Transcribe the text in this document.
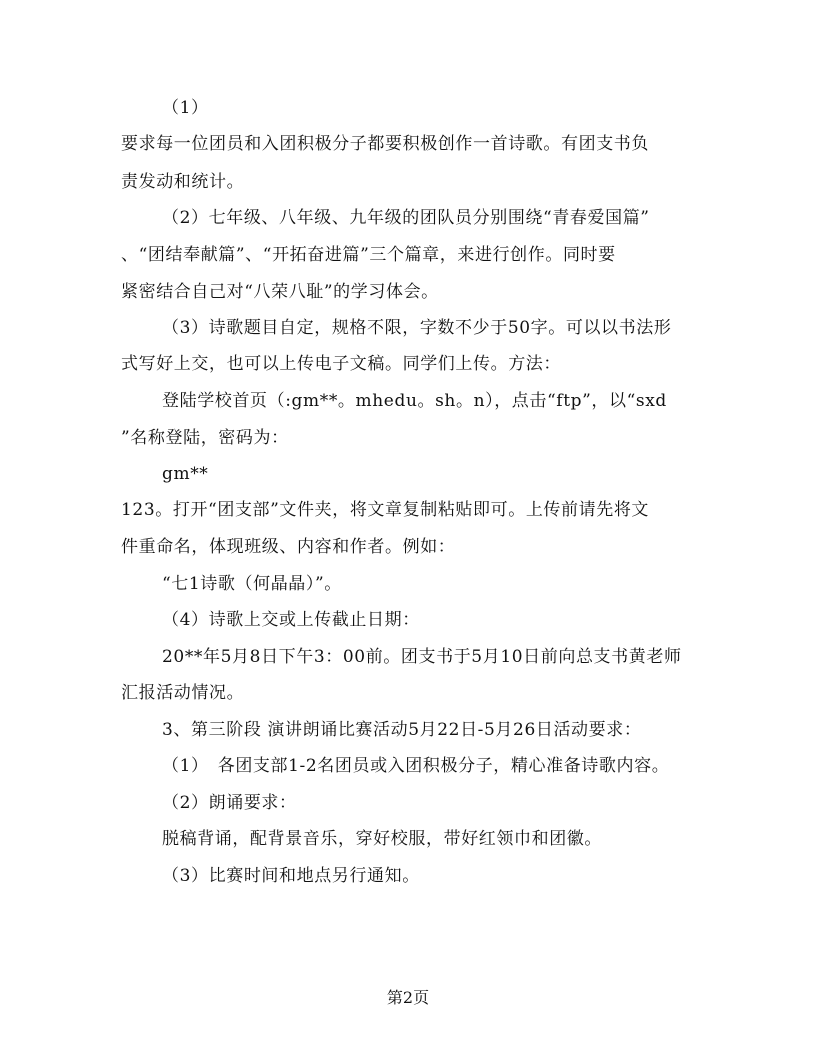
（1）
要求每一位团员和入团积极分子都要积极创作一首诗歌。有团支书负
责发动和统计。
（2）七年级、八年级、九年级的团队员分别围绕“青春爱国篇”
、“团结奉献篇”、“开拓奋进篇”三个篇章，来进行创作。同时要
紧密结合自己对“八荣八耻”的学习体会。
（3）诗歌题目自定，规格不限，字数不少于50字。可以以书法形
式写好上交，也可以上传电子文稿。同学们上传。方法：
登陆学校首页（:gm**。mhedu。sh。n），点击“ftp”，以“sxd
”名称登陆，密码为：
gm**
123。打开“团支部”文件夹，将文章复制粘贴即可。上传前请先将文
件重命名，体现班级、内容和作者。例如：
“七1诗歌（何晶晶）”。
（4）诗歌上交或上传截止日期：
20**年5月8日下午3：00前。团支书于5月10日前向总支书黄老师
汇报活动情况。
3、第三阶段 演讲朗诵比赛活动5月22日-5月26日活动要求：
（1）　各团支部1-2名团员或入团积极分子，精心准备诗歌内容。
（2）朗诵要求：
脱稿背诵，配背景音乐，穿好校服，带好红领巾和团徽。
（3）比赛时间和地点另行通知。
第2页
